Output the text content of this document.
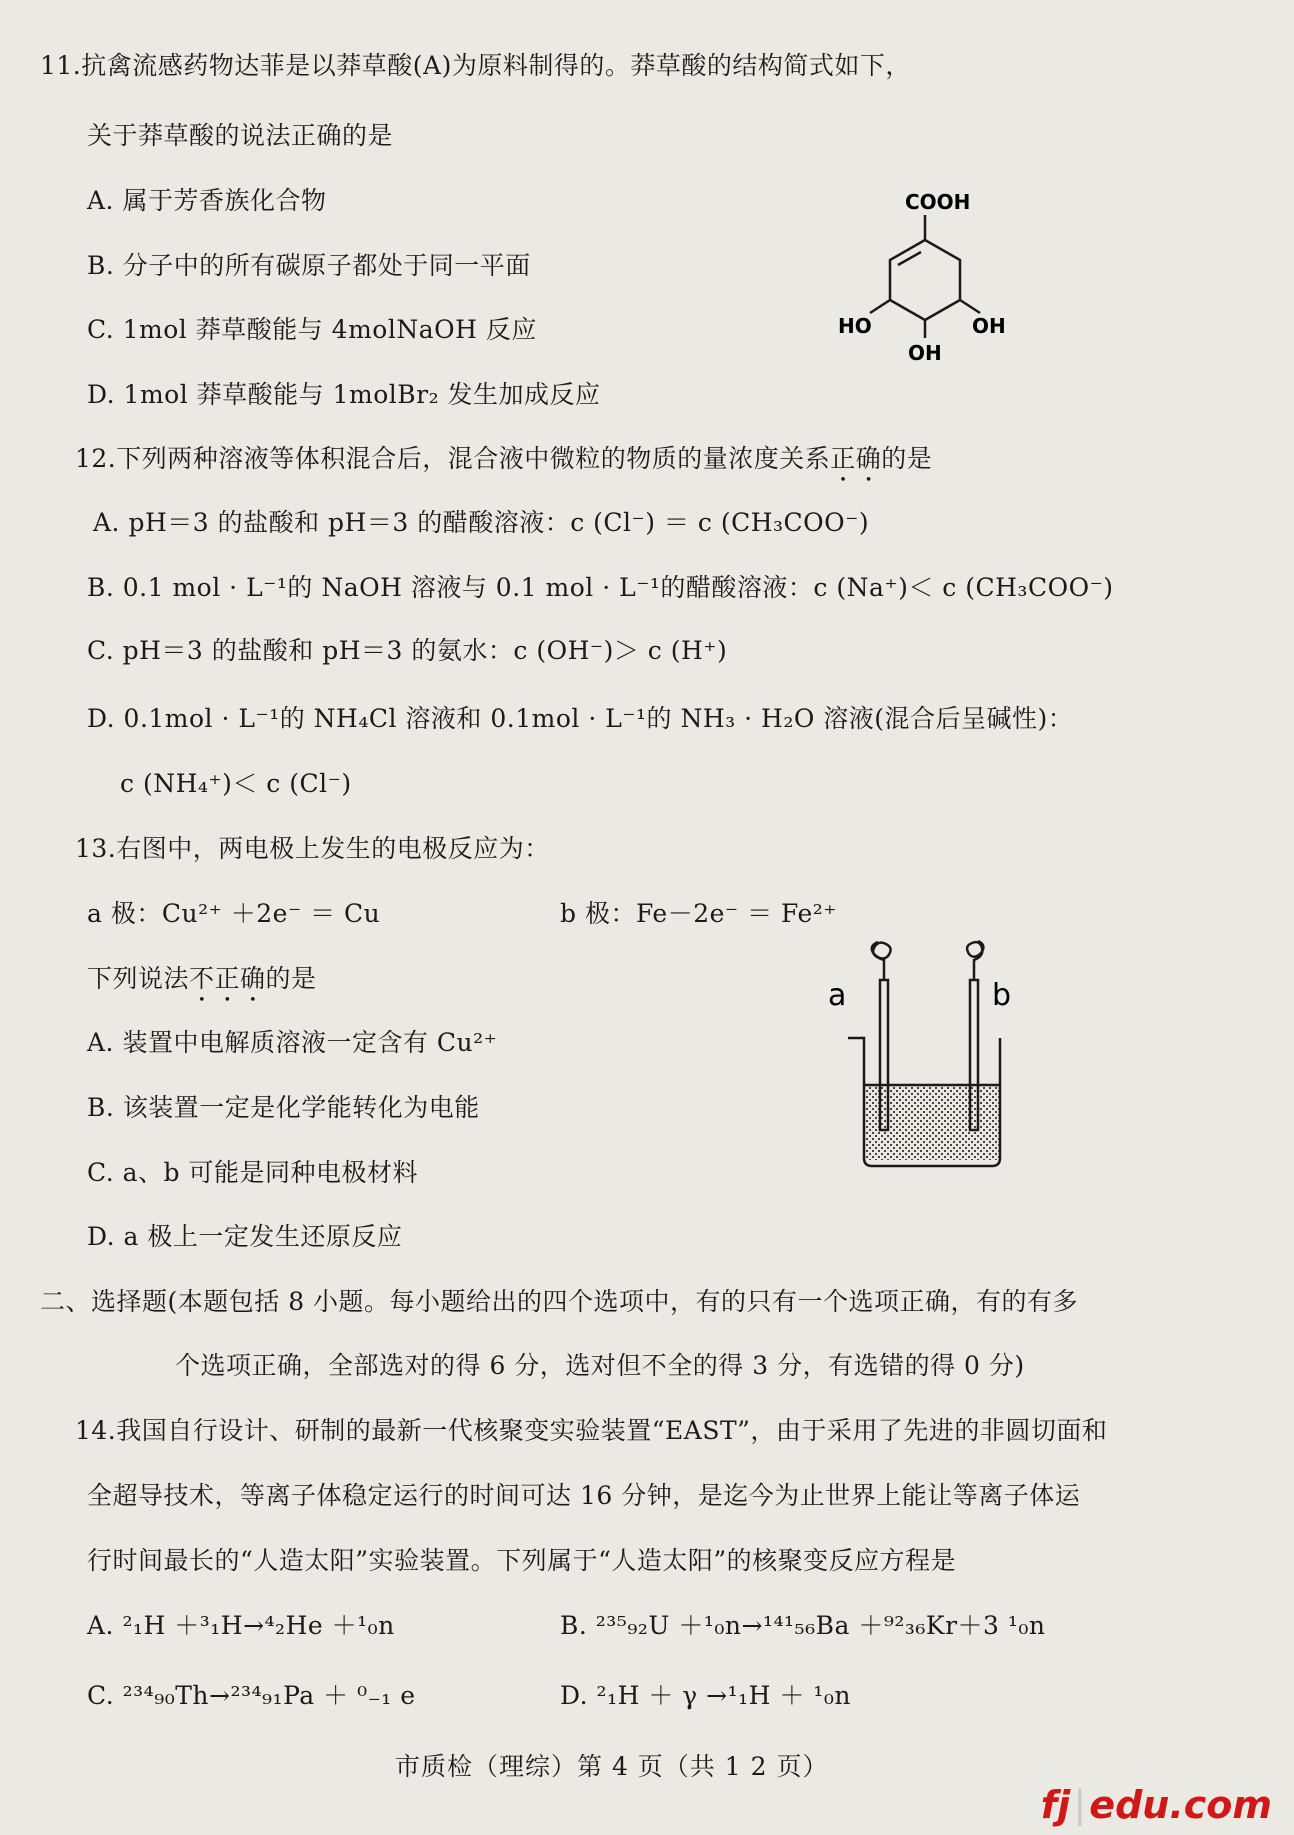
11.抗禽流感药物达菲是以莽草酸(A)为原料制得的。莽草酸的结构简式如下，
关于莽草酸的说法正确的是
A. 属于芳香族化合物
B. 分子中的所有碳原子都处于同一平面
C. 1mol 莽草酸能与 4molNaOH 反应
D. 1mol 莽草酸能与 1molBr₂ 发生加成反应
COOH
HO	OH
OH
12.下列两种溶液等体积混合后，混合液中微粒的物质的量浓度关系正确的是
A. pH＝3 的盐酸和 pH＝3 的醋酸溶液：c (Cl⁻) ＝ c (CH₃COO⁻)
B. 0.1 mol · L⁻¹的 NaOH 溶液与 0.1 mol · L⁻¹的醋酸溶液：c (Na⁺)＜ c (CH₃COO⁻)
C. pH＝3 的盐酸和 pH＝3 的氨水：c (OH⁻)＞ c (H⁺)
D. 0.1mol · L⁻¹的 NH₄Cl 溶液和 0.1mol · L⁻¹的 NH₃ · H₂O 溶液(混合后呈碱性)：
c (NH₄⁺)＜ c (Cl⁻)
13.右图中，两电极上发生的电极反应为：
a 极：Cu²⁺ ＋2e⁻ ＝ Cu	b 极：Fe－2e⁻ ＝ Fe²⁺
下列说法不正确的是
A. 装置中电解质溶液一定含有 Cu²⁺
B. 该装置一定是化学能转化为电能
C. a、b 可能是同种电极材料
D. a 极上一定发生还原反应
a	b
二、选择题(本题包括 8 小题。每小题给出的四个选项中，有的只有一个选项正确，有的有多
个选项正确，全部选对的得 6 分，选对但不全的得 3 分，有选错的得 0 分)
14.我国自行设计、研制的最新一代核聚变实验装置“EAST”，由于采用了先进的非圆切面和
全超导技术，等离子体稳定运行的时间可达 16 分钟，是迄今为止世界上能让等离子体运
行时间最长的“人造太阳”实验装置。下列属于“人造太阳”的核聚变反应方程是
A. ²₁H ＋³₁H→⁴₂He ＋¹₀n	B. ²³⁵₉₂U ＋¹₀n→¹⁴¹₅₆Ba ＋⁹²₃₆Kr＋3 ¹₀n
C. ²³⁴₉₀Th→²³⁴₉₁Pa ＋ ⁰₋₁ e	D. ²₁H ＋ γ →¹₁H ＋ ¹₀n
市质检（理综）第 4 页（共 1 2 页）
fj∣edu.com
